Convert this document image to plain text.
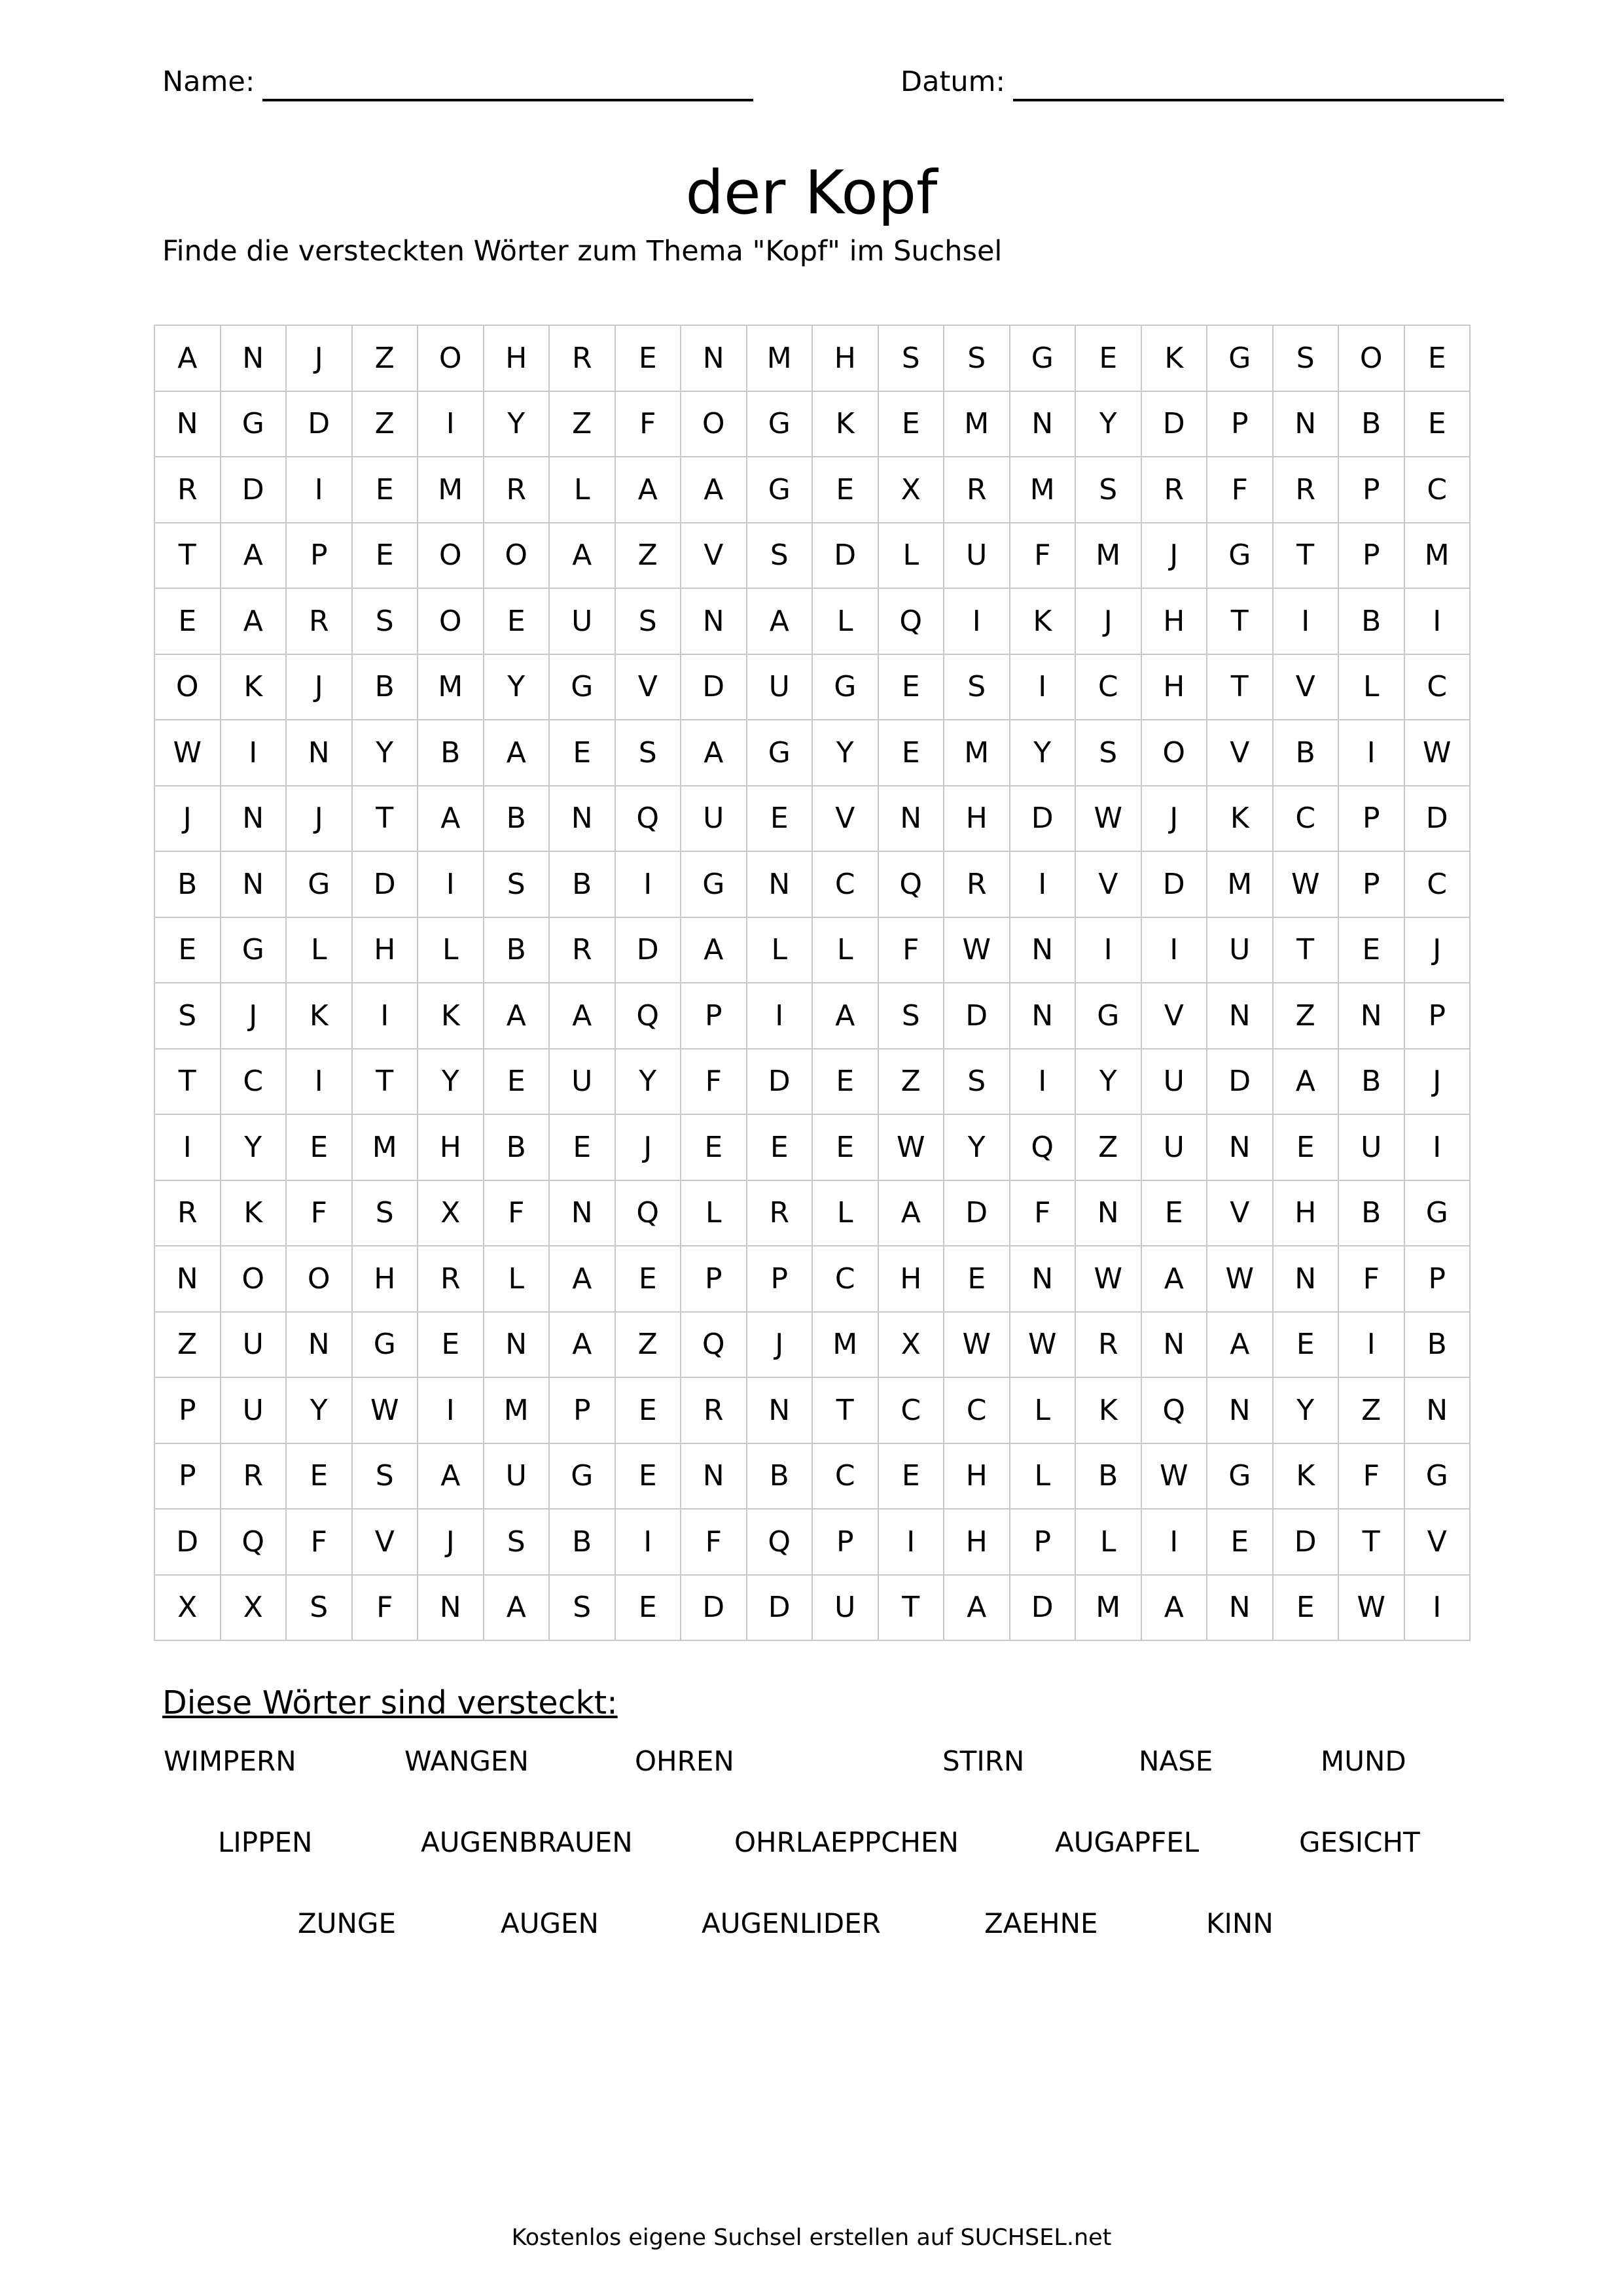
Name:	Datum:
der Kopf
Finde die versteckten Wörter zum Thema "Kopf" im Suchsel
A	N	J	Z	O	H	R	E	N	M	H	S	S	G	E	K	G	S	O	E
N	G	D	Z	I	Y	Z	F	O	G	K	E	M	N	Y	D	P	N	B	E
R	D	I	E	M	R	L	A	A	G	E	X	R	M	S	R	F	R	P	C
T	A	P	E	O	O	A	Z	V	S	D	L	U	F	M	J	G	T	P	M
E	A	R	S	O	E	U	S	N	A	L	Q	I	K	J	H	T	I	B	I
O	K	J	B	M	Y	G	V	D	U	G	E	S	I	C	H	T	V	L	C
W	I	N	Y	B	A	E	S	A	G	Y	E	M	Y	S	O	V	B	I	W
J	N	J	T	A	B	N	Q	U	E	V	N	H	D	W	J	K	C	P	D
B	N	G	D	I	S	B	I	G	N	C	Q	R	I	V	D	M	W	P	C
E	G	L	H	L	B	R	D	A	L	L	F	W	N	I	I	U	T	E	J
S	J	K	I	K	A	A	Q	P	I	A	S	D	N	G	V	N	Z	N	P
T	C	I	T	Y	E	U	Y	F	D	E	Z	S	I	Y	U	D	A	B	J
I	Y	E	M	H	B	E	J	E	E	E	W	Y	Q	Z	U	N	E	U	I
R	K	F	S	X	F	N	Q	L	R	L	A	D	F	N	E	V	H	B	G
N	O	O	H	R	L	A	E	P	P	C	H	E	N	W	A	W	N	F	P
Z	U	N	G	E	N	A	Z	Q	J	M	X	W	W	R	N	A	E	I	B
P	U	Y	W	I	M	P	E	R	N	T	C	C	L	K	Q	N	Y	Z	N
P	R	E	S	A	U	G	E	N	B	C	E	H	L	B	W	G	K	F	G
D	Q	F	V	J	S	B	I	F	Q	P	I	H	P	L	I	E	D	T	V
X	X	S	F	N	A	S	E	D	D	U	T	A	D	M	A	N	E	W	I
Diese Wörter sind versteckt:
WIMPERN	WANGEN	OHREN	STIRN	NASE	MUND
LIPPEN	AUGENBRAUEN	OHRLAEPPCHEN	AUGAPFEL	GESICHT
ZUNGE	AUGEN	AUGENLIDER	ZAEHNE	KINN
Kostenlos eigene Suchsel erstellen auf SUCHSEL.net
